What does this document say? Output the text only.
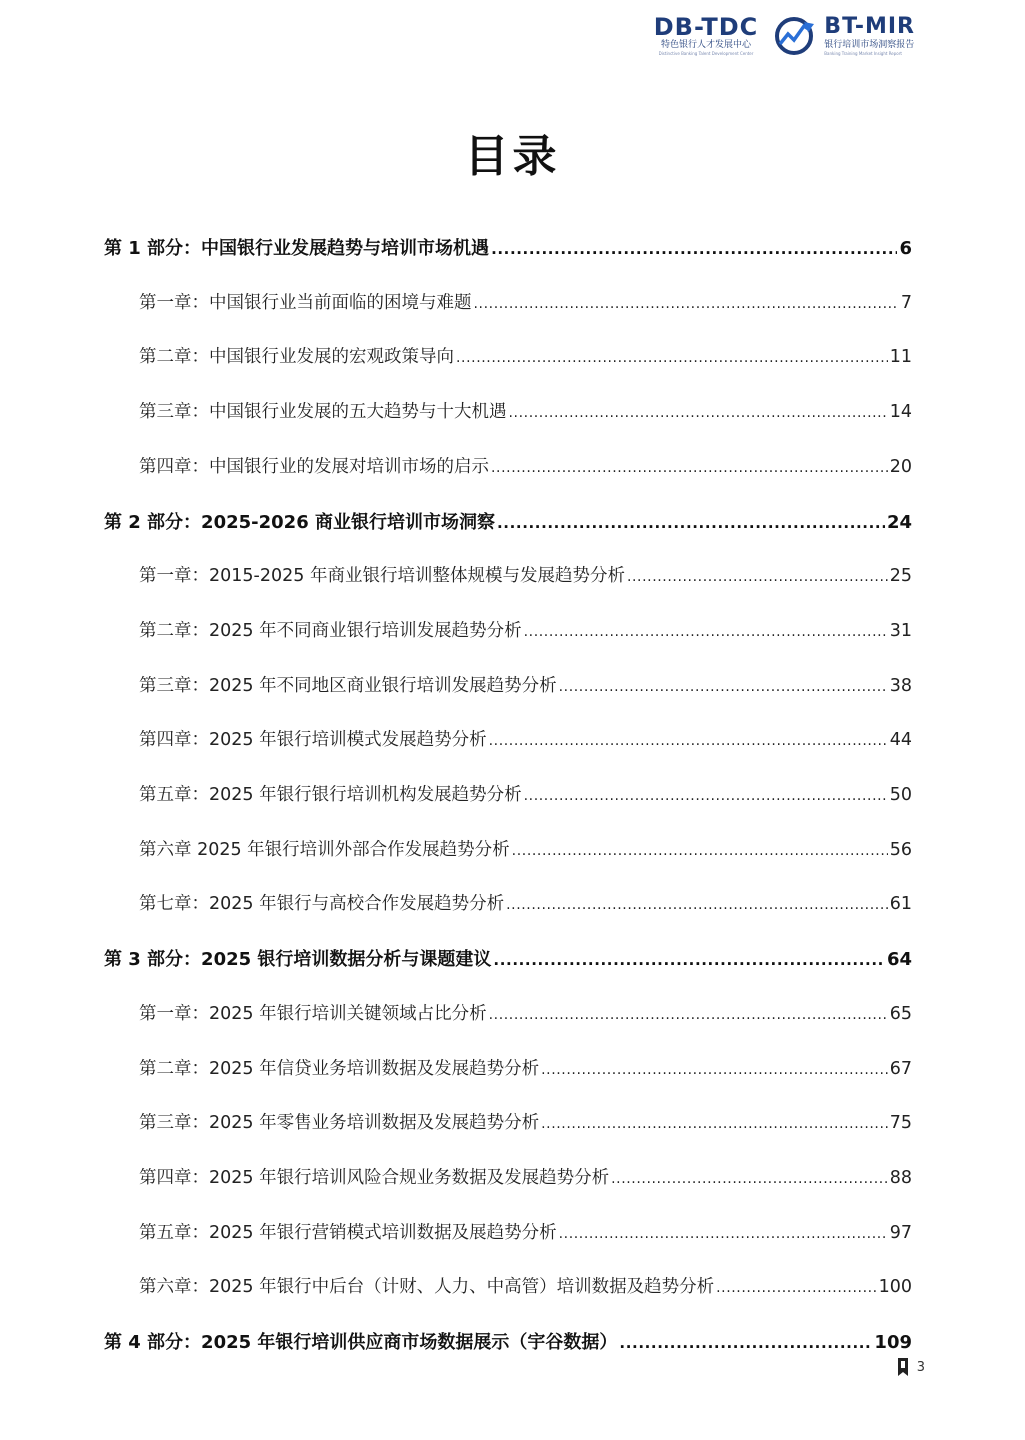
DB-TDC
特色银行人才发展中心
Distinctive Banking Talent Development Center
BT-MIR
银行培训市场洞察报告
Banking Training Market Insight Report
目录
第 1 部分：中国银行业发展趋势与培训市场机遇 .....	6
第一章：中国银行业当前面临的困境与难题 .....	7
第二章：中国银行业发展的宏观政策导向 .....	11
第三章：中国银行业发展的五大趋势与十大机遇 .....	14
第四章：中国银行业的发展对培训市场的启示 .....	20
第 2 部分：2025-2026 商业银行培训市场洞察 .....	24
第一章：2015-2025 年商业银行培训整体规模与发展趋势分析 .....	25
第二章：2025 年不同商业银行培训发展趋势分析 .....	31
第三章：2025 年不同地区商业银行培训发展趋势分析 .....	38
第四章：2025 年银行培训模式发展趋势分析 .....	44
第五章：2025 年银行银行培训机构发展趋势分析 .....	50
第六章 2025 年银行培训外部合作发展趋势分析 .....	56
第七章：2025 年银行与高校合作发展趋势分析 .....	61
第 3 部分：2025 银行培训数据分析与课题建议 .....	64
第一章：2025 年银行培训关键领域占比分析 .....	65
第二章：2025 年信贷业务培训数据及发展趋势分析 .....	67
第三章：2025 年零售业务培训数据及发展趋势分析 .....	75
第四章：2025 年银行培训风险合规业务数据及发展趋势分析 .....	88
第五章：2025 年银行营销模式培训数据及展趋势分析 .....	97
第六章：2025 年银行中后台（计财、人力、中高管）培训数据及趋势分析 .....	100
第 4 部分：2025 年银行培训供应商市场数据展示（宇谷数据） .....	109
3
